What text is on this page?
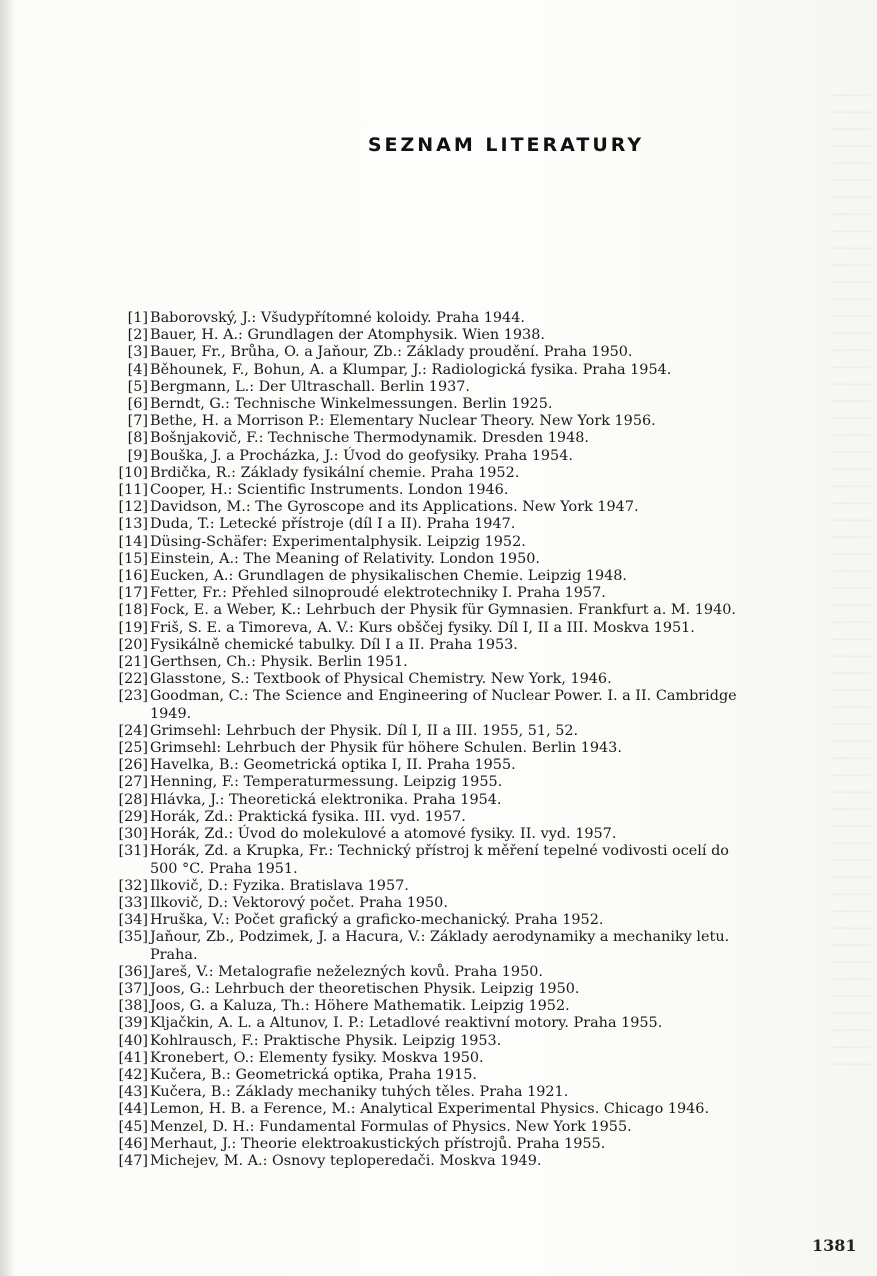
SEZNAM LITERATURY
[1] Baborovský, J.: Všudypřítomné koloidy. Praha 1944.
[2] Bauer, H. A.: Grundlagen der Atomphysik. Wien 1938.
[3] Bauer, Fr., Brůha, O. a Jaňour, Zb.: Základy proudění. Praha 1950.
[4] Běhounek, F., Bohun, A. a Klumpar, J.: Radiologická fysika. Praha 1954.
[5] Bergmann, L.: Der Ultraschall. Berlin 1937.
[6] Berndt, G.: Technische Winkelmessungen. Berlin 1925.
[7] Bethe, H. a Morrison P.: Elementary Nuclear Theory. New York 1956.
[8] Bošnjakovič, F.: Technische Thermodynamik. Dresden 1948.
[9] Bouška, J. a Procházka, J.: Úvod do geofysiky. Praha 1954.
[10] Brdička, R.: Základy fysikální chemie. Praha 1952.
[11] Cooper, H.: Scientific Instruments. London 1946.
[12] Davidson, M.: The Gyroscope and its Applications. New York 1947.
[13] Duda, T.: Letecké přístroje (díl I a II). Praha 1947.
[14] Düsing-Schäfer: Experimentalphysik. Leipzig 1952.
[15] Einstein, A.: The Meaning of Relativity. London 1950.
[16] Eucken, A.: Grundlagen de physikalischen Chemie. Leipzig 1948.
[17] Fetter, Fr.: Přehled silnoproudé elektrotechniky I. Praha 1957.
[18] Fock, E. a Weber, K.: Lehrbuch der Physik für Gymnasien. Frankfurt a. M. 1940.
[19] Friš, S. E. a Timoreva, A. V.: Kurs obščej fysiky. Díl I, II a III. Moskva 1951.
[20] Fysikálně chemické tabulky. Díl I a II. Praha 1953.
[21] Gerthsen, Ch.: Physik. Berlin 1951.
[22] Glasstone, S.: Textbook of Physical Chemistry. New York, 1946.
[23] Goodman, C.: The Science and Engineering of Nuclear Power. I. a II. Cambridge
1949.
[24] Grimsehl: Lehrbuch der Physik. Díl I, II a III. 1955, 51, 52.
[25] Grimsehl: Lehrbuch der Physik für höhere Schulen. Berlin 1943.
[26] Havelka, B.: Geometrická optika I, II. Praha 1955.
[27] Henning, F.: Temperaturmessung. Leipzig 1955.
[28] Hlávka, J.: Theoretická elektronika. Praha 1954.
[29] Horák, Zd.: Praktická fysika. III. vyd. 1957.
[30] Horák, Zd.: Úvod do molekulové a atomové fysiky. II. vyd. 1957.
[31] Horák, Zd. a Krupka, Fr.: Technický přístroj k měření tepelné vodivosti ocelí do
500 °C. Praha 1951.
[32] Ilkovič, D.: Fyzika. Bratislava 1957.
[33] Ilkovič, D.: Vektorový počet. Praha 1950.
[34] Hruška, V.: Počet grafický a graficko-mechanický. Praha 1952.
[35] Jaňour, Zb., Podzimek, J. a Hacura, V.: Základy aerodynamiky a mechaniky letu.
Praha.
[36] Jareš, V.: Metalografie neželezných kovů. Praha 1950.
[37] Joos, G.: Lehrbuch der theoretischen Physik. Leipzig 1950.
[38] Joos, G. a Kaluza, Th.: Höhere Mathematik. Leipzig 1952.
[39] Kljačkin, A. L. a Altunov, I. P.: Letadlové reaktivní motory. Praha 1955.
[40] Kohlrausch, F.: Praktische Physik. Leipzig 1953.
[41] Kronebert, O.: Elementy fysiky. Moskva 1950.
[42] Kučera, B.: Geometrická optika, Praha 1915.
[43] Kučera, B.: Základy mechaniky tuhých těles. Praha 1921.
[44] Lemon, H. B. a Ference, M.: Analytical Experimental Physics. Chicago 1946.
[45] Menzel, D. H.: Fundamental Formulas of Physics. New York 1955.
[46] Merhaut, J.: Theorie elektroakustických přístrojů. Praha 1955.
[47] Michejev, M. A.: Osnovy teploperedači. Moskva 1949.
1381
